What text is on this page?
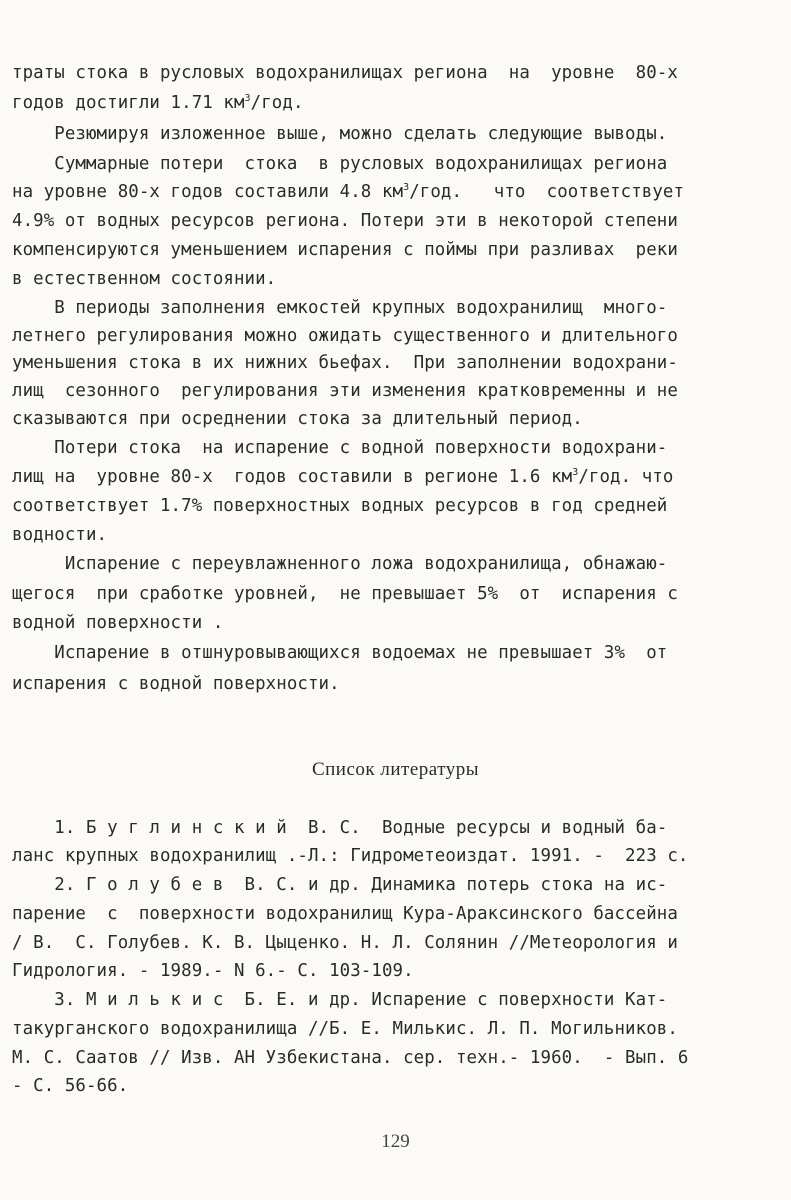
траты стока в русловых водохранилищах региона  на  уровне  80-х
годов достигли 1.71 $км^3$/год.
Резюмируя изложенное выше, можно сделать следующие выводы.
Суммарные потери  стока  в русловых водохранилищах региона
на уровне 80-х годов составили 4.8 $км^3$/год.   что  соответствует
4.9% от водных ресурсов региона. Потери эти в некоторой степени
компенсируются уменьшением испарения с поймы при разливах  реки
в естественном состоянии.
В периоды заполнения емкостей крупных водохранилищ  много-
летнего регулирования можно ожидать существенного и длительного
уменьшения стока в их нижних бьефах.  При заполнении водохрани-
лищ  сезонного  регулирования эти изменения кратковременны и не
сказываются при осреднении стока за длительный период.
Потери стока  на испарение с водной поверхности водохрани-
лищ на  уровне 80-х  годов составили в регионе 1.6 $км^3$/год. что
соответствует 1.7% поверхностных водных ресурсов в год средней
водности.
Испарение с переувлажненного ложа водохранилища, обнажаю-
щегося  при сработке уровней,  не превышает 5%  от  испарения с
водной поверхности .
Испарение в отшнуровывающихся водоемах не превышает 3%  от
испарения с водной поверхности.
Список литературы
1. Б у г л и н с к и й  В. С.  Водные ресурсы и водный ба-
ланс крупных водохранилищ .-Л.: Гидрометеоиздат. 1991. -  223 с.
2. Г о л у б е в  В. С. и др. Динамика потерь стока на ис-
парение  с  поверхности водохранилищ Кура-Араксинского бассейна
/ В.  С. Голубев. К. В. Цыценко. Н. Л. Солянин //Метеорология и
Гидрология. - 1989.- N 6.- С. 103-109.
3. М и л ь к и с  Б. Е. и др. Испарение с поверхности Кат-
такурганского водохранилища //Б. Е. Милькис. Л. П. Могильников.
М. С. Саатов // Изв. АН Узбекистана. сер. техн.- 1960.  - Вып. 6
- С. 56-66.
129
